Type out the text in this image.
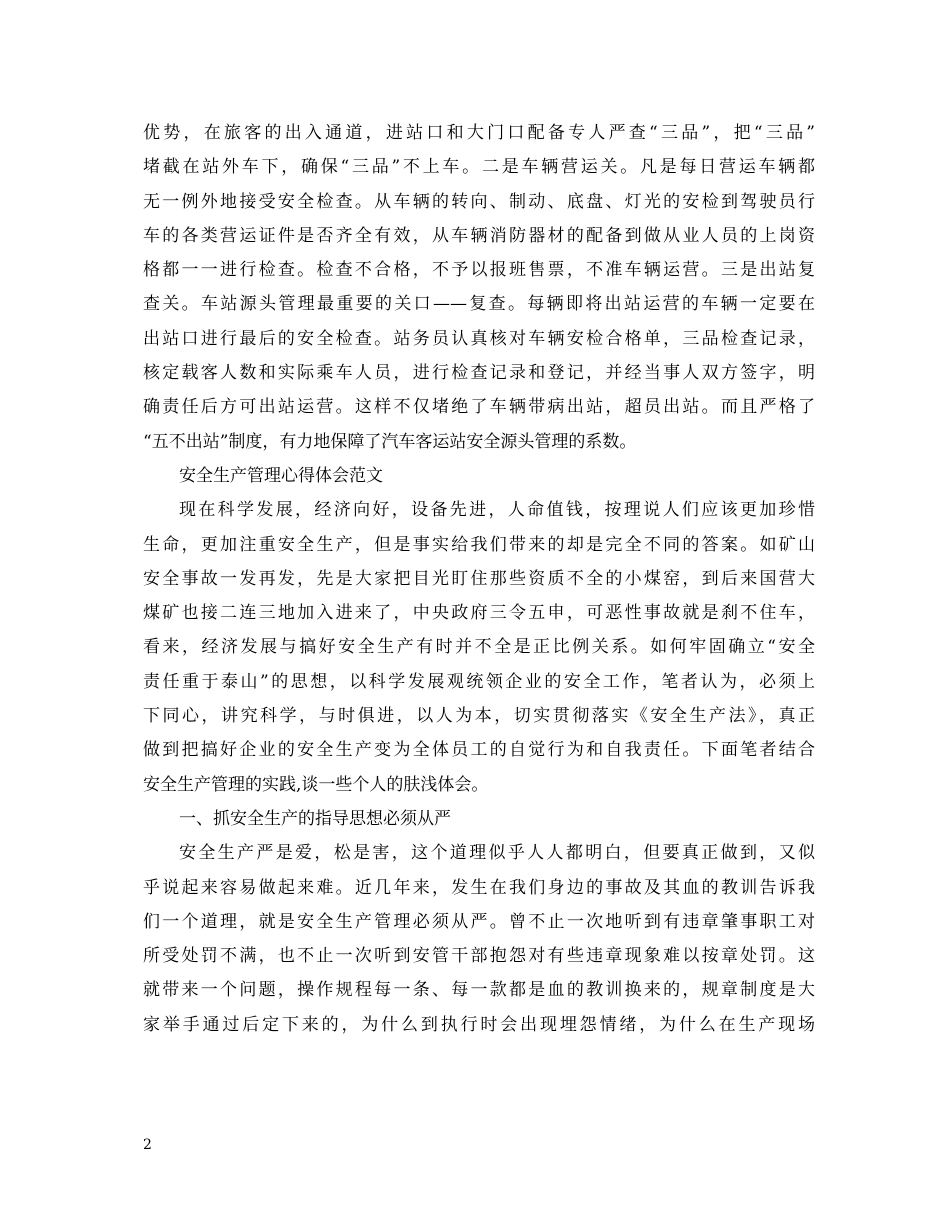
优势，在旅客的出入通道，进站口和大门口配备专人严查“三品”，把“三品”
堵截在站外车下，确保“三品”不上车。二是车辆营运关。凡是每日营运车辆都
无一例外地接受安全检查。从车辆的转向、制动、底盘、灯光的安检到驾驶员行
车的各类营运证件是否齐全有效，从车辆消防器材的配备到做从业人员的上岗资
格都一一进行检查。检查不合格，不予以报班售票，不准车辆运营。三是出站复
查关。车站源头管理最重要的关口——复查。每辆即将出站运营的车辆一定要在
出站口进行最后的安全检查。站务员认真核对车辆安检合格单，三品检查记录，
核定载客人数和实际乘车人员，进行检查记录和登记，并经当事人双方签字，明
确责任后方可出站运营。这样不仅堵绝了车辆带病出站，超员出站。而且严格了
“五不出站”制度，有力地保障了汽车客运站安全源头管理的系数。
安全生产管理心得体会范文
现在科学发展，经济向好，设备先进，人命值钱，按理说人们应该更加珍惜
生命，更加注重安全生产，但是事实给我们带来的却是完全不同的答案。如矿山
安全事故一发再发，先是大家把目光盯住那些资质不全的小煤窑，到后来国营大
煤矿也接二连三地加入进来了，中央政府三令五申，可恶性事故就是刹不住车，
看来，经济发展与搞好安全生产有时并不全是正比例关系。如何牢固确立“安全
责任重于泰山”的思想，以科学发展观统领企业的安全工作，笔者认为，必须上
下同心，讲究科学，与时俱进，以人为本，切实贯彻落实《安全生产法》，真正
做到把搞好企业的安全生产变为全体员工的自觉行为和自我责任。下面笔者结合
安全生产管理的实践,谈一些个人的肤浅体会。
一、抓安全生产的指导思想必须从严
安全生产严是爱，松是害，这个道理似乎人人都明白，但要真正做到，又似
乎说起来容易做起来难。近几年来，发生在我们身边的事故及其血的教训告诉我
们一个道理，就是安全生产管理必须从严。曾不止一次地听到有违章肇事职工对
所受处罚不满，也不止一次听到安管干部抱怨对有些违章现象难以按章处罚。这
就带来一个问题，操作规程每一条、每一款都是血的教训换来的，规章制度是大
家举手通过后定下来的，为什么到执行时会出现埋怨情绪，为什么在生产现场
2
